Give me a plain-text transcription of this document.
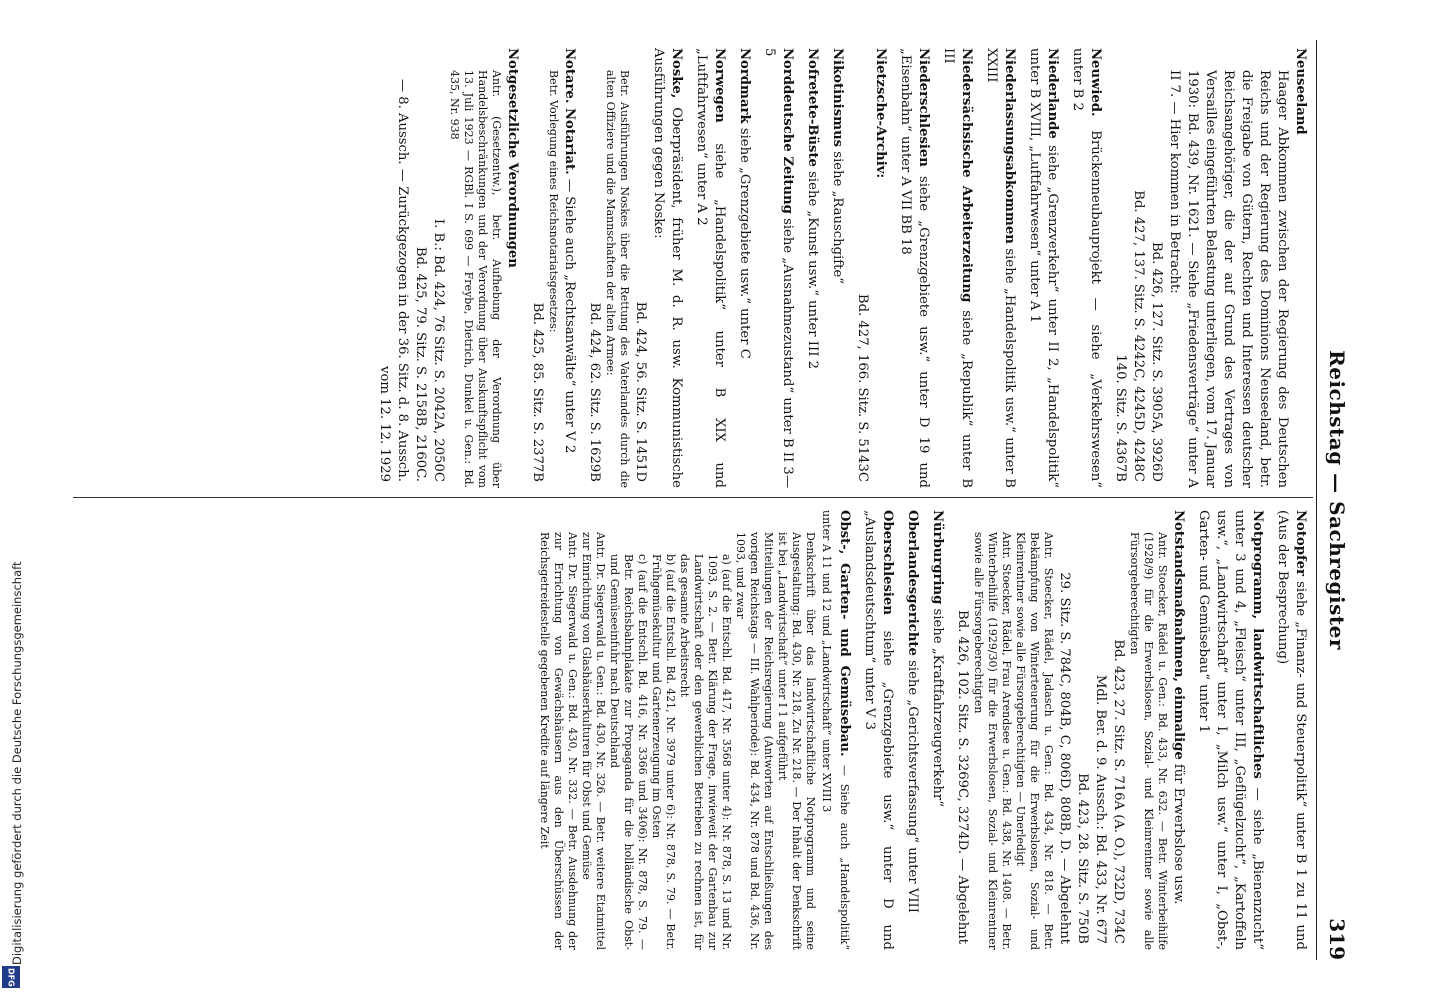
Reichstag — Sachregister
319

Neuseeland
Haager Abkommen zwischen der Regierung des Deutschen Reichs und der Regierung des Dominions Neuseeland, betr. die Freigabe von Gütern, Rechten und Interessen deutscher Reichsangehöriger, die der auf Grund des Vertrages von Versailles eingeführten Belastung unterliegen, vom 17. Januar 1930: Bd. 439, Nr. 1621. — Siehe „Friedensverträge“ unter A II 7. — Hier kommen in Betracht:
Bd. 426, 127. Sitz. S. 3905A, 3926D
Bd. 427, 137. Sitz. S. 4242C, 4245D, 4248C
140. Sitz. S. 4367B

Neuwied. Brückenneubauprojekt — siehe „Verkehrswesen“ unter B 2

Niederlande siehe „Grenzverkehr“ unter II 2, „Handelspolitik“ unter B XVIII, „Luftfahrwesen“ unter A 1

Niederlassungsabkommen siehe „Handelspolitik usw.“ unter B XXIII

Niedersächsische Arbeiterzeitung siehe „Republik“ unter B III

Niederschlesien siehe „Grenzgebiete usw.“ unter D 19 und „Eisenbahn“ unter A VII BB 18

Nietzsche-Archiv:
Bd. 427, 166. Sitz. S. 5143C

Nikotinismus siehe „Rauschgifte“

Nofretete-Büste siehe „Kunst usw.“ unter III 2

Norddeutsche Zeitung siehe „Ausnahmezustand“ unter B II 3—5

Nordmark siehe „Grenzgebiete usw.“ unter C

Norwegen siehe „Handelspolitik“ unter B XIX und „Luftfahrwesen“ unter A 2

Noske, Oberpräsident, früher M. d. R. usw. Kommunistische Ausführungen gegen Noske:
Bd. 424, 56. Sitz. S. 1451D
Betr. Ausführungen Noskes über die Rettung des Vaterlandes durch die alten Offiziere und die Mannschaften der alten Armee:
Bd. 424, 62. Sitz. S. 1629B

Notare. Notariat. — Siehe auch „Rechtsanwälte“ unter V 2
Betr. Vorlegung eines Reichsnotariatsgesetzes:
Bd. 425, 85. Sitz. S. 2377B

Notgesetzliche Verordnungen
Antr. (Gesetzentw.), betr. Aufhebung der Verordnung über Handelsbeschränkungen und der Verordnung über Auskunftspflicht vom 13. Juli 1923 — RGBl. I S. 699 — Freybe, Dietrich, Dunkel u. Gen.: Bd. 435, Nr. 938
I. B.: Bd. 424, 76 Sitz. S. 2042A, 2050C
Bd. 425, 79. Sitz. S. 2158B, 2160C.
— 8. Aussch. — Zurückgezogen in der 36. Sitz. d. 8. Aussch. vom 12. 12. 1929

Notopfer siehe „Finanz- und Steuerpolitik“ unter B 1 zu 11 und (Aus der Besprechung)

Notprogramm, landwirtschaftliches — siehe „Bienenzucht“ unter 3 und 4, „Fleisch“ unter III, „Geflügelzucht“, „Kartoffeln usw.“, „Landwirtschaft“ unter I, „Milch usw.“ unter I, „Obst-, Garten- und Gemüsebau“ unter 1

Notstandsmaßnahmen, einmalige für Erwerbslose usw.
Antr. Stoecker, Rädel u. Gen.: Bd. 433, Nr. 632. — Betr. Winterbeihilfe (1928/9) für die Erwerbslosen, Sozial- und Kleinrentner sowie alle Fürsorgeberechtigten
Bd. 423, 27. Sitz. S. 716A (A. O.), 732D, 734C
Mdl. Ber. d. 9. Aussch.: Bd. 433, Nr. 677
Bd. 423, 28. Sitz. S. 750B
29. Sitz. S. 784C, 804B, C, 806D, 808B, D. — Abgelehnt
Antr. Stoecker, Rädel, Jadasch u. Gen.: Bd. 434, Nr. 818. — Betr. Bekämpfung von Winterteuerung für die Erwerbslosen, Sozial- und Kleinrentner sowie alle Fürsorgeberechtigten — Unerledigt
Antr. Stoecker, Rädel, Frau Arendsee u. Gen.: Bd. 438, Nr. 1408. — Betr. Winterbeihilfe (1929/30) für die Erwerbslosen, Sozial- und Kleinrentner sowie alle Fürsorgeberechtigten
Bd. 426, 102. Sitz. S. 3269C, 3274D. — Abgelehnt

Nürburgring siehe „Kraftfahrzeugverkehr“

Oberlandesgerichte siehe „Gerichtsverfassung“ unter VIII

Oberschlesien siehe „Grenzgebiete usw.“ unter D und „Auslandsdeutschtum“ unter V 3

Obst-, Garten- und Gemüsebau. — Siehe auch „Handelspolitik“ unter A 11 und 12 und „Landwirtschaft“ unter XVIII 3
Denkschrift über das landwirtschaftliche Notprogramm und seine Ausgestaltung: Bd. 430, Nr. 218, Zu Nr. 218. — Der Inhalt der Denkschrift ist bei „Landwirtschaft“ unter I 1 aufgeführt
Mitteilungen der Reichsregierung (Antworten auf Entschließungen des vorigen Reichstags — III. Wahlperiode): Bd. 434, Nr. 878 und Bd. 436, Nr. 1093, und zwar
a) (auf die Entschl. Bd. 417, Nr. 3568 unter 4): Nr. 878, S. 13 und Nr. 1093, S. 2. — Betr. Klärung der Frage, inwieweit der Gartenbau zur Landwirtschaft oder den gewerblichen Betrieben zu rechnen ist, für das gesamte Arbeitsrecht
b) (auf die Entschl. Bd. 421, Nr. 3979 unter 6): Nr. 878, S. 79. — Betr. Frühgemüsekultur und Gartenerzeugung im Osten
c) (auf die Entschl. Bd. 416, Nr. 3366 und 3406): Nr. 878, S. 79. — Betr. Reichsbahnplakate zur Propaganda für die holländische Obst- und Gemüseeinfuhr nach Deutschland
Antr. Dr. Siegerwald u. Gen.: Bd. 430, Nr. 326. — Betr. weitere Etatmittel zur Einrichtung von Glashäuserkulturen für Obst und Gemüse
Antr. Dr. Siegerwald u. Gen.: Bd. 430, Nr. 332. — Betr. Ausdehnung der zur Errichtung von Gewächshäusern aus den Überschüssen der Reichsgetreidestelle gegebenen Kredite auf längere Zeit

Digitalisierung gefördert durch die Deutsche Forschungsgemeinschaft
DFG
